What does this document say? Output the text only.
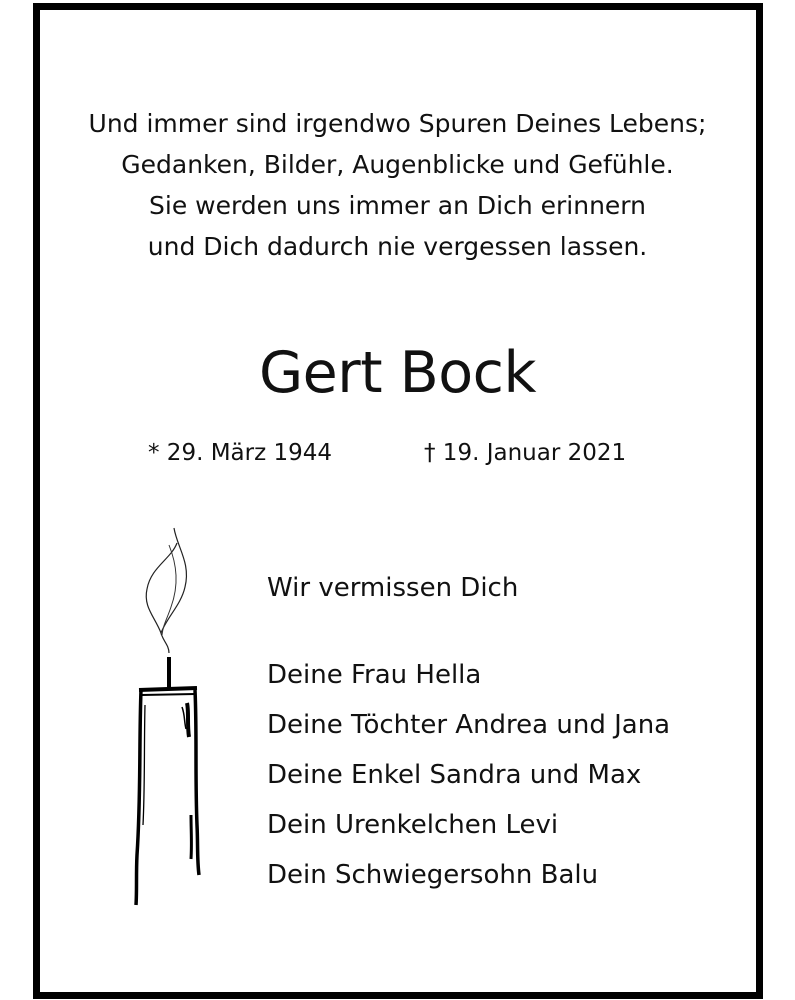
Und immer sind irgendwo Spuren Deines Lebens;
Gedanken, Bilder, Augenblicke und Gefühle.
Sie werden uns immer an Dich erinnern
und Dich dadurch nie vergessen lassen.
Gert Bock
* 29. März 1944	† 19. Januar 2021
Wir vermissen Dich
Deine Frau Hella
Deine Töchter Andrea und Jana
Deine Enkel Sandra und Max
Dein Urenkelchen Levi
Dein Schwiegersohn Balu
